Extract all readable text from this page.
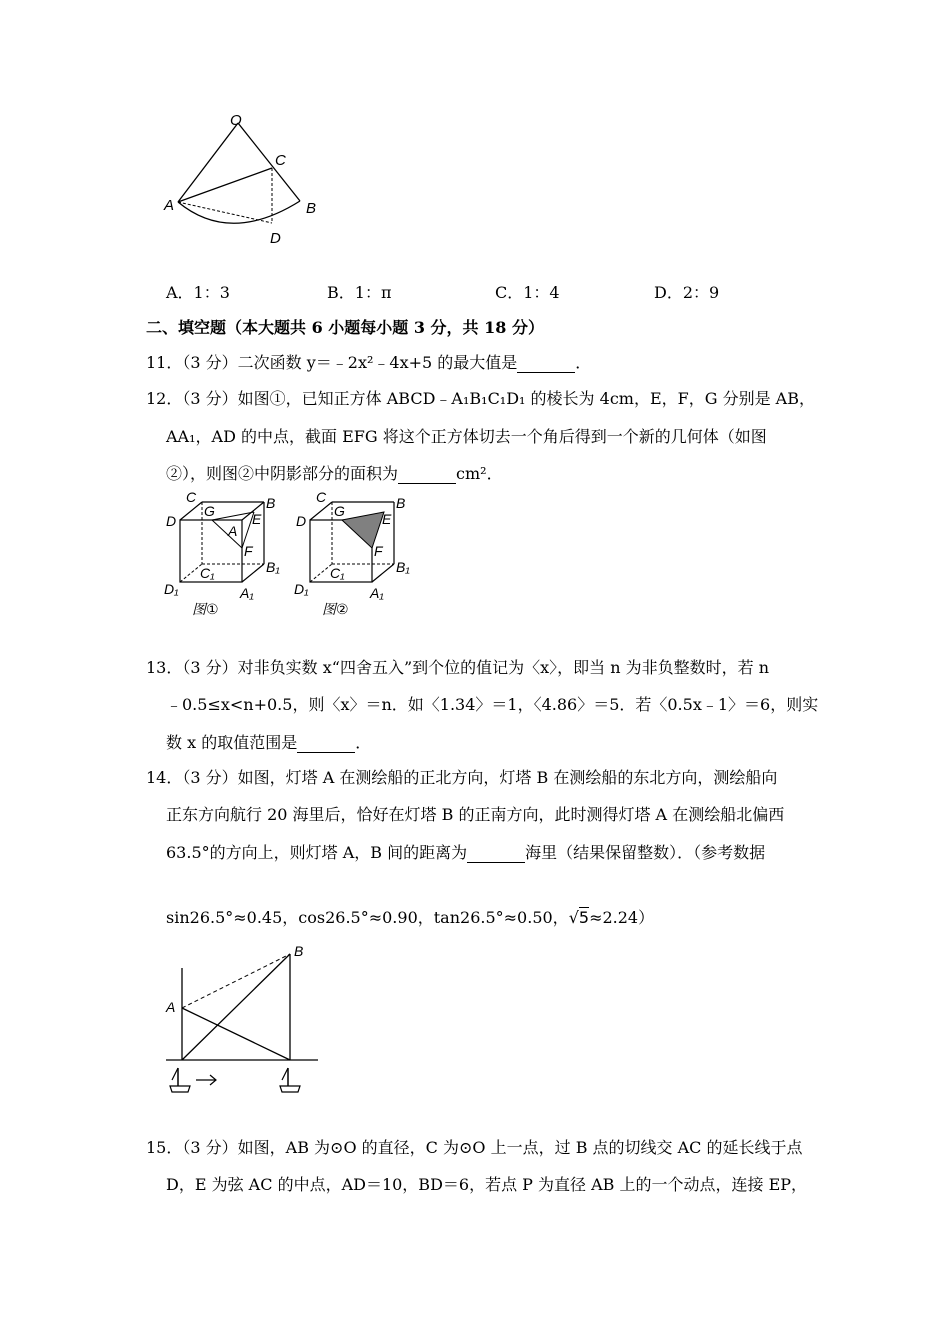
O
C
A	B
D
A．1：3	B．1：π	C．1：4	D．2：9
二、填空题（本大题共 6 小题每小题 3 分，共 18 分）
11．（3 分）二次函数 y＝﹣2x²﹣4x+5 的最大值是	．
12．（3 分）如图①，已知正方体 ABCD﹣A₁B₁C₁D₁ 的棱长为 4cm，E，F，G 分别是 AB，
AA₁，AD 的中点，截面 EFG 将这个正方体切去一个角后得到一个新的几何体（如图
②），则图②中阴影部分的面积为	cm²．
C	B
D
G	E
A
F
B₁
C₁
D₁	A₁
图①
C	B
D
G	E
F
B₁
C₁
D₁	A₁
图②
13．（3 分）对非负实数 x“四舍五入”到个位的值记为〈x〉，即当 n 为非负整数时，若 n
﹣0.5≤x<n+0.5，则〈x〉＝n．如〈1.34〉＝1，〈4.86〉＝5．若〈0.5x﹣1〉＝6，则实
数 x 的取值范围是	．
14．（3 分）如图，灯塔 A 在测绘船的正北方向，灯塔 B 在测绘船的东北方向，测绘船向
正东方向航行 20 海里后，恰好在灯塔 B 的正南方向，此时测得灯塔 A 在测绘船北偏西
63.5°的方向上，则灯塔 A，B 间的距离为	海里（结果保留整数）．（参考数据
sin26.5°≈0.45，cos26.5°≈0.90，tan26.5°≈0.50，√5≈2.24）
B
A
15．（3 分）如图，AB 为⊙O 的直径，C 为⊙O 上一点，过 B 点的切线交 AC 的延长线于点
D，E 为弦 AC 的中点，AD＝10，BD＝6，若点 P 为直径 AB 上的一个动点，连接 EP，
